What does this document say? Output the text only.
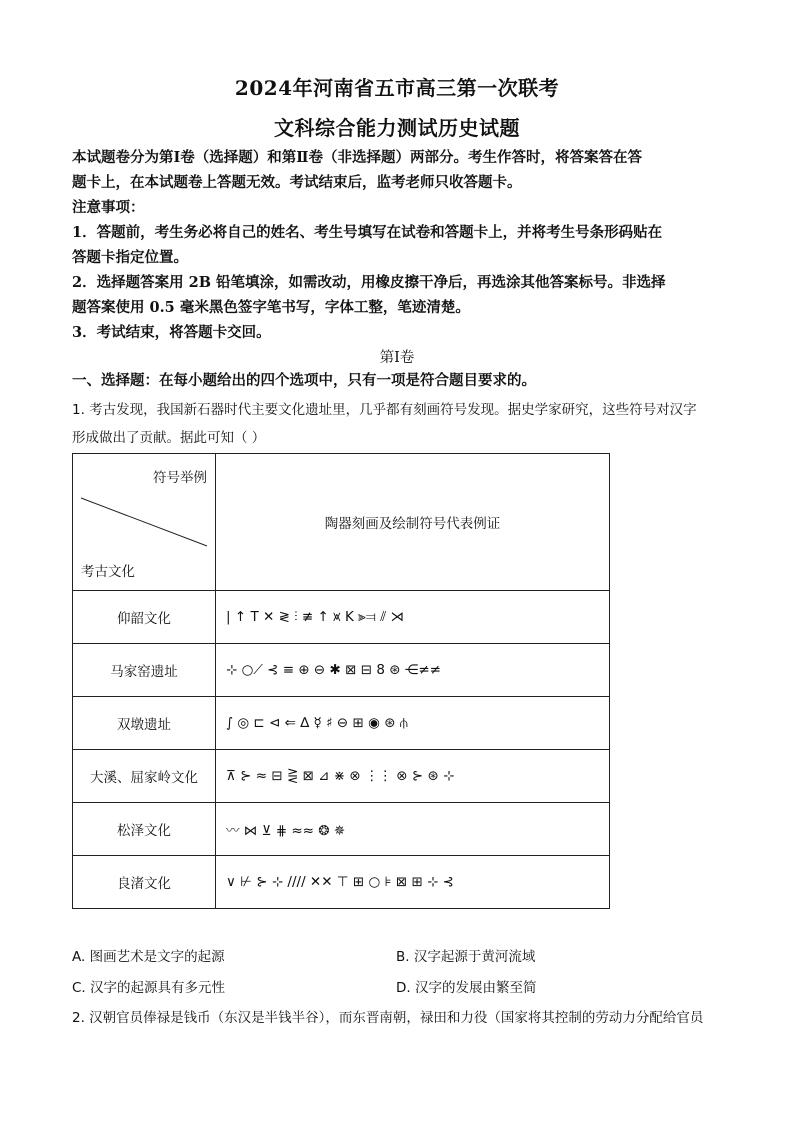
2024年河南省五市高三第一次联考
文科综合能力测试历史试题
本试题卷分为第Ⅰ卷（选择题）和第Ⅱ卷（非选择题）两部分。考生作答时，将答案答在答
题卡上，在本试题卷上答题无效。考试结束后，监考老师只收答题卡。
注意事项：
1．答题前，考生务必将自己的姓名、考生号填写在试卷和答题卡上，并将考生号条形码贴在
答题卡指定位置。
2．选择题答案用 2B 铅笔填涂，如需改动，用橡皮擦干净后，再选涂其他答案标号。非选择
题答案使用 0.5 毫米黑色签字笔书写，字体工整，笔迹清楚。
3．考试结束，将答题卡交回。
第Ⅰ卷
一、选择题：在每小题给出的四个选项中，只有一项是符合题目要求的。
1. 考古发现，我国新石器时代主要文化遗址里，几乎都有刻画符号发现。据史学家研究，这些符号对汉字
形成做出了贡献。据此可知（ ）
符号举例
考古文化	陶器刻画及绘制符号代表例证
仰韶文化	| ↑ T ✕ ≷ ⫶ ≢ ↑ ⩙ K ⫸⫤ ⫽ ⋊
马家窑遗址	⊹ ○⟋ ⊰ ≡ ⊕ ⊖ ✱ ⊠ ⊟ 8 ⊛ ⋲≠≠
双墩遗址	∫ ◎ ⊏ ⊲ ⇐ ∆ ☿ ♯ ⊖ ⊞ ◉ ⊛ ⫛
大溪、屈家岭文化	⊼ ⊱ ≈ ⊟ ⋛ ⊠ ⊿ ⋇ ⊗ ⋮⋮ ⊗ ⊱ ⊛ ⊹
松泽文化	〰 ⋈ ⊻ ⋕ ≈≈ ❂ ✵
良渚文化	∨ ⊬ ⊱ ⊹ //// ✕✕ ⊤ ⊞ ○ ⊧ ⊠ ⊞ ⊹ ⊰
A. 图画艺术是文字的起源	B. 汉字起源于黄河流域
C. 汉字的起源具有多元性	D. 汉字的发展由繁至简
2. 汉朝官员俸禄是钱币（东汉是半钱半谷），而东晋南朝，禄田和力役（国家将其控制的劳动力分配给官员
